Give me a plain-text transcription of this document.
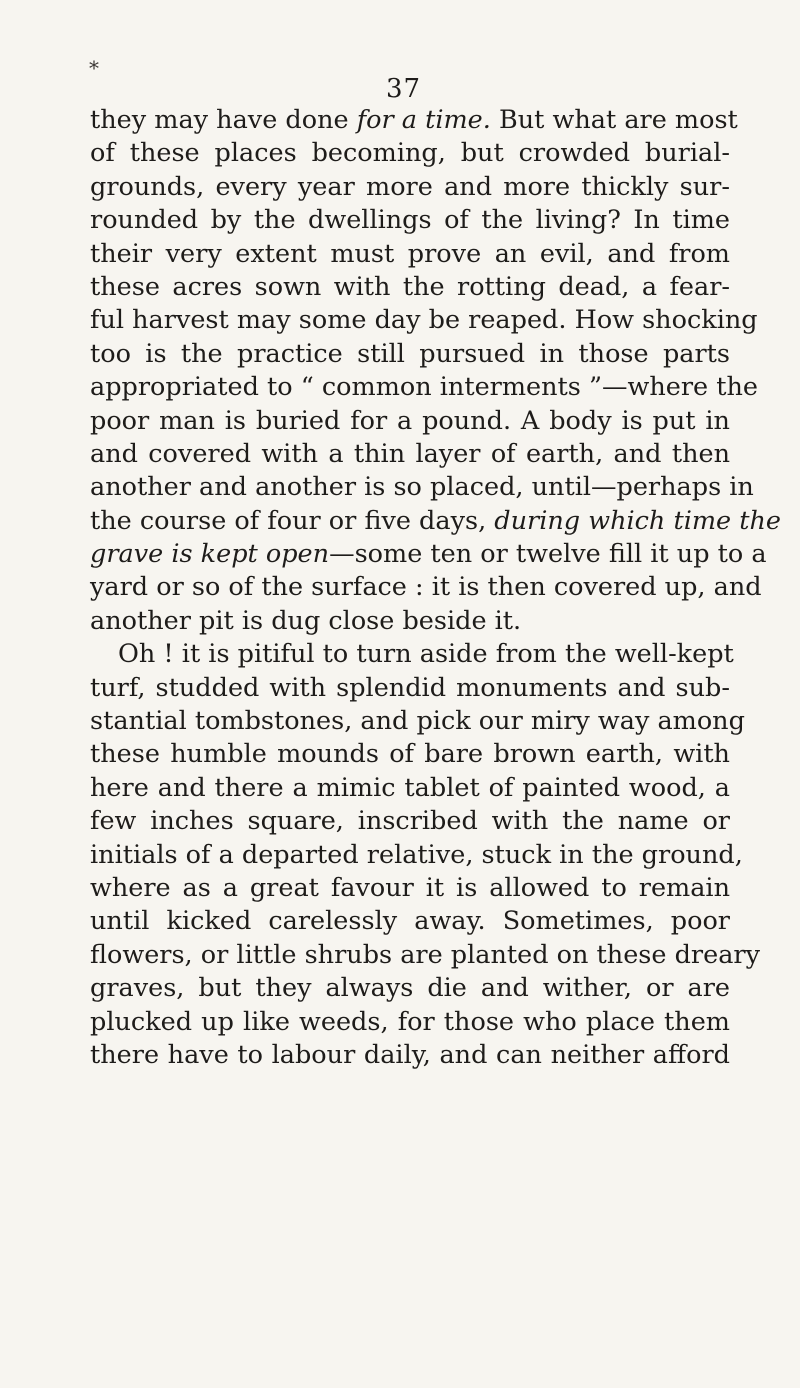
*
37
they may have done for a time. But what are most
of these places becoming, but crowded burial-
grounds, every year more and more thickly sur-
rounded by the dwellings of the living? In time
their very extent must prove an evil, and from
these acres sown with the rotting dead, a fear-
ful harvest may some day be reaped. How shocking
too is the practice still pursued in those parts
appropriated to “ common interments ”—where the
poor man is buried for a pound. A body is put in
and covered with a thin layer of earth, and then
another and another is so placed, until—perhaps in
the course of four or five days, during which time the
grave is kept open—some ten or twelve fill it up to a
yard or so of the surface : it is then covered up, and
another pit is dug close beside it.
Oh ! it is pitiful to turn aside from the well-kept
turf, studded with splendid monuments and sub-
stantial tombstones, and pick our miry way among
these humble mounds of bare brown earth, with
here and there a mimic tablet of painted wood, a
few inches square, inscribed with the name or
initials of a departed relative, stuck in the ground,
where as a great favour it is allowed to remain
until kicked carelessly away. Sometimes, poor
flowers, or little shrubs are planted on these dreary
graves, but they always die and wither, or are
plucked up like weeds, for those who place them
there have to labour daily, and can neither afford
